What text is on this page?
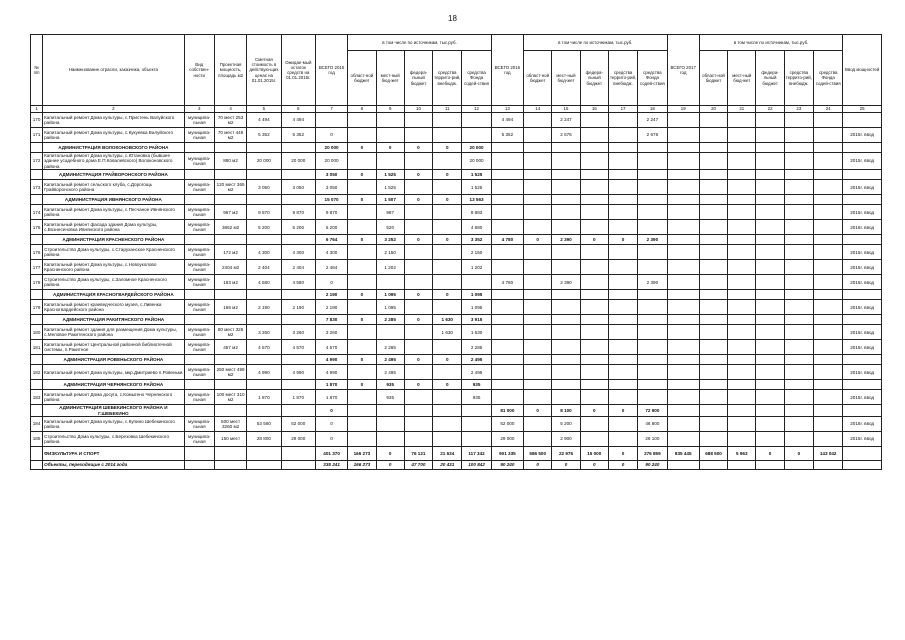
18
№ п/п	Наименование отрасли, заказчика, объекта	Вид собствен-ности	Проектная мощность, площадь м2	Сметная стоимость в действую-щих ценах на 01.01.2015г.	Ожидае-мый остаток средств на 01.01.2015г.	ВСЕГО 2015 год	в том числе по источникам, тыс.руб.					ВСЕГО 2016 год	в том числе по источникам, тыс.руб.					ВСЕГО 2017 год	в том числе по источникам, тыс.руб.					Ввод мощностей
							област-ной бюджет	мест-ный бюд-жет	федера-льный бюджет	средства террито-рий, внебюдж.	средства Фонда содей-ствия		област-ной бюджет	мест-ный бюд-жет	федера-льный бюджет	средства террито-рий, внебюдж.	средства Фонда содей-ствия		област-ной бюджет	мест-ный бюд-жет	федера-льный бюджет	средства террито-рий, внебюдж.	средства Фонда содей-ствия	
1	2	3	4	5	6	7	8	9	10	11	12	13	14	15	16	17	18	19	20	21	22	23	24	25
170	Капитальный ремонт Дома культуры, с.Пристень Валуйского района	муниципа-льная	70 мест 253 м2	4 494	4 494							4 494		2 247			2 247							
171	Капитальный ремонт Дома культуры, с.Кукуевка Валуйского района	муниципа-льная	70 мест 446 м2	5 352	5 352	0						5 352		2 676			2 676							2016г. ввод
	АДМИНИСТРАЦИЯ ВОЛОКОНОВСКОГО РАЙОНА					20 000	0	0	0	0	20 000													
172	Капитальный ремонт Дома культуры, с.Ютановка (бывшее здание усадебного дома Е.П.Ковалевского) Волоконовского района	муниципа-льная	880 м2	20 000	20 000	20 000					20 000													2015г. ввод
	АДМИНИСТРАЦИЯ ГРАЙВОРОНСКОГО РАЙОНА					3 050	0	1 525	0	0	1 525													
173	Капитальный ремонт сельского клуба, с.Дорогощь Грайворонского района	муниципа-льная	120 мест 365 м2	3 050	3 050	3 050		1 525			1 525													2015г. ввод
	АДМИНИСТРАЦИЯ ИВНЯНСКОГО РАЙОНА					15 070	0	1 507	0	0	13 563													
174	Капитальный ремонт Дома культуры, с.Песчаное Ивнянского района	муниципа-льная	967 м2	9 870	9 870	9 870		987			8 883													2015г. ввод
175	Капитальный ремонт фасада здания Дома культуры, с.Вознесеновка Ивнянского района	муниципа-льная	3862 м2	5 200	5 200	5 200		520			4 680													2016г. ввод
	АДМИНИСТРАЦИЯ КРАСНЕНСКОГО РАЙОНА					6 764	0	3 252	0	0	3 352	4 780	0	2 390	0	0	2 390							
176	Строительство Дома культуры, с.Старуханское Красненского района	муниципа-льная	172 м2	4 300	4 300	4 300		2 150			2 150													2015г. ввод
177	Капитальный ремонт Дома культуры, с.Новоуколово Красненского района	муниципа-льная	2404 м2	2 404	2 404	2 464		1 202			1 202													2015г. ввод
178	Строительство Дома культуры, с.Заломное Красненского района	муниципа-льная	183 м2	4 580	4 580	0						4 780		2 390			2 390							2016г. ввод
	АДМИНИСТРАЦИЯ КРАСНОГВАРДЕЙСКОГО РАЙОНА					2 190	0	1 095	0	0	1 095													
179	Капитальный ремонт краеведческого музея, с.Ливенка Красногвардейского района	муниципа-льная	168 м2	2 190	2 190	2 190		1 095			1 095													2015г. ввод
	АДМИНИСТРАЦИЯ РАКИТЯНСКОГО РАЙОНА					7 830	0	2 285	0	1 630	3 915													
180	Капитальный ремонт здания для размещения Дома культуры, с.Меловое Ракитянского района	муниципа-льная	80 мест 326 м2	3 260	3 260	3 260				1 630	1 630													2016г. ввод
181	Капитальный ремонт Центральной районной библиотечной системы, п.Ракитное	муниципа-льная	457 м2	4 570	4 570	4 570		2 285			2 285													2015г. ввод
	АДМИНИСТРАЦИЯ РОВЕНЬСКОГО РАЙОНА					4 990	0	2 495	0	0	2 495													
182	Капитальный ремонт Дома культуры, мкр.Дмитриево п.Ровеньки	муниципа-льная	250 мест 499 м2	4 990	4 990	4 990		2 495			2 495													2015г. ввод
	АДМИНИСТРАЦИЯ ЧЕРНЯНСКОГО РАЙОНА					1 870	0	935	0	0	935													
183	Капитальный ремонт Дома досуга, с.Комыгено Чернянского района	муниципа-льная	100 мест 310 м2	1 870	1 870	1 870		935			935													2015г. ввод
	АДМИНИСТРАЦИЯ ШЕБЕКИНСКОГО РАЙОНА И Г.ШЕБЕКИНО					0						81 000	0	8 100	0	0	72 900							
184	Капитальный ремонт Дома культуры, с.Купино Шебекинского района	муниципа-льная	500 мест 3260 м2	53 560	52 000	0						52 000		5 200			46 800							2016г. ввод
185	Строительство Дома культуры, с.Березовка Шебекинского района	муниципа-льная	150 мест	28 800	29 000	0						29 000		2 900			26 100							2016г. ввод
	ФИЗКУЛЬТУРА И СПОРТ					401 370	166 273	0	76 121	21 634	117 342	901 335	586 500	22 976	15 000	0	276 859	835 445	688 500	5 963	0	0	143 042	
	Объекты, переходящие с 2014 года					335 241	166 273	0	47 700	20 431	100 842	90 240	0	0	0	0	90 240							
